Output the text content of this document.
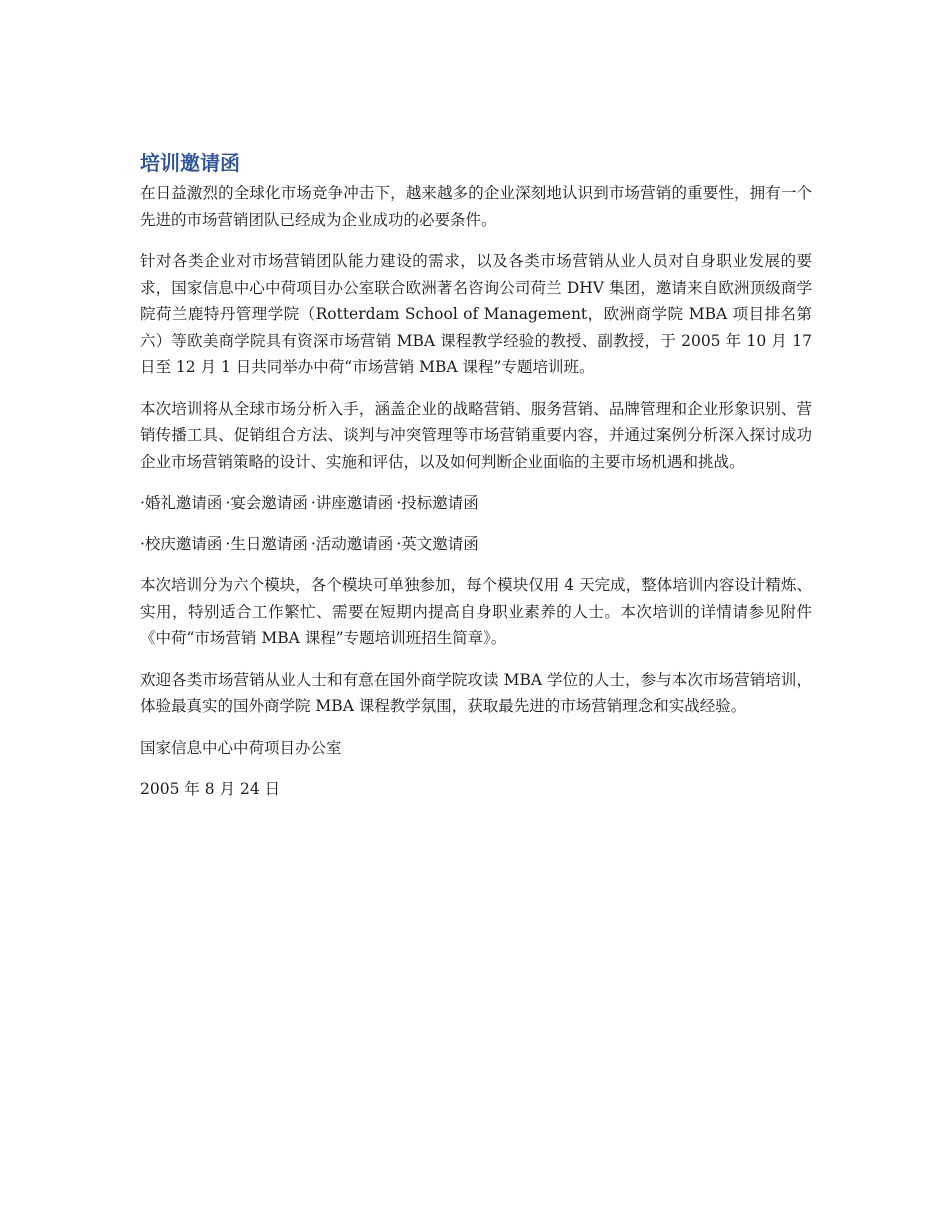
培训邀请函

在日益激烈的全球化市场竞争冲击下，越来越多的企业深刻地认识到市场营销的重要性，拥有一个先进的市场营销团队已经成为企业成功的必要条件。

针对各类企业对市场营销团队能力建设的需求，以及各类市场营销从业人员对自身职业发展的要求，国家信息中心中荷项目办公室联合欧洲著名咨询公司荷兰 DHV 集团，邀请来自欧洲顶级商学院荷兰鹿特丹管理学院（Rotterdam School of Management，欧洲商学院 MBA 项目排名第六）等欧美商学院具有资深市场营销 MBA 课程教学经验的教授、副教授，于 2005 年 10 月 17 日至 12 月 1 日共同举办中荷“市场营销 MBA 课程”专题培训班。

本次培训将从全球市场分析入手，涵盖企业的战略营销、服务营销、品牌管理和企业形象识别、营销传播工具、促销组合方法、谈判与冲突管理等市场营销重要内容，并通过案例分析深入探讨成功企业市场营销策略的设计、实施和评估，以及如何判断企业面临的主要市场机遇和挑战。

·婚礼邀请函 ·宴会邀请函 ·讲座邀请函 ·投标邀请函
·校庆邀请函 ·生日邀请函 ·活动邀请函 ·英文邀请函

本次培训分为六个模块，各个模块可单独参加，每个模块仅用 4 天完成，整体培训内容设计精炼、实用，特别适合工作繁忙、需要在短期内提高自身职业素养的人士。本次培训的详情请参见附件《中荷“市场营销 MBA 课程”专题培训班招生简章》。

欢迎各类市场营销从业人士和有意在国外商学院攻读 MBA 学位的人士，参与本次市场营销培训，体验最真实的国外商学院 MBA 课程教学氛围，获取最先进的市场营销理念和实战经验。

国家信息中心中荷项目办公室

2005 年 8 月 24 日
